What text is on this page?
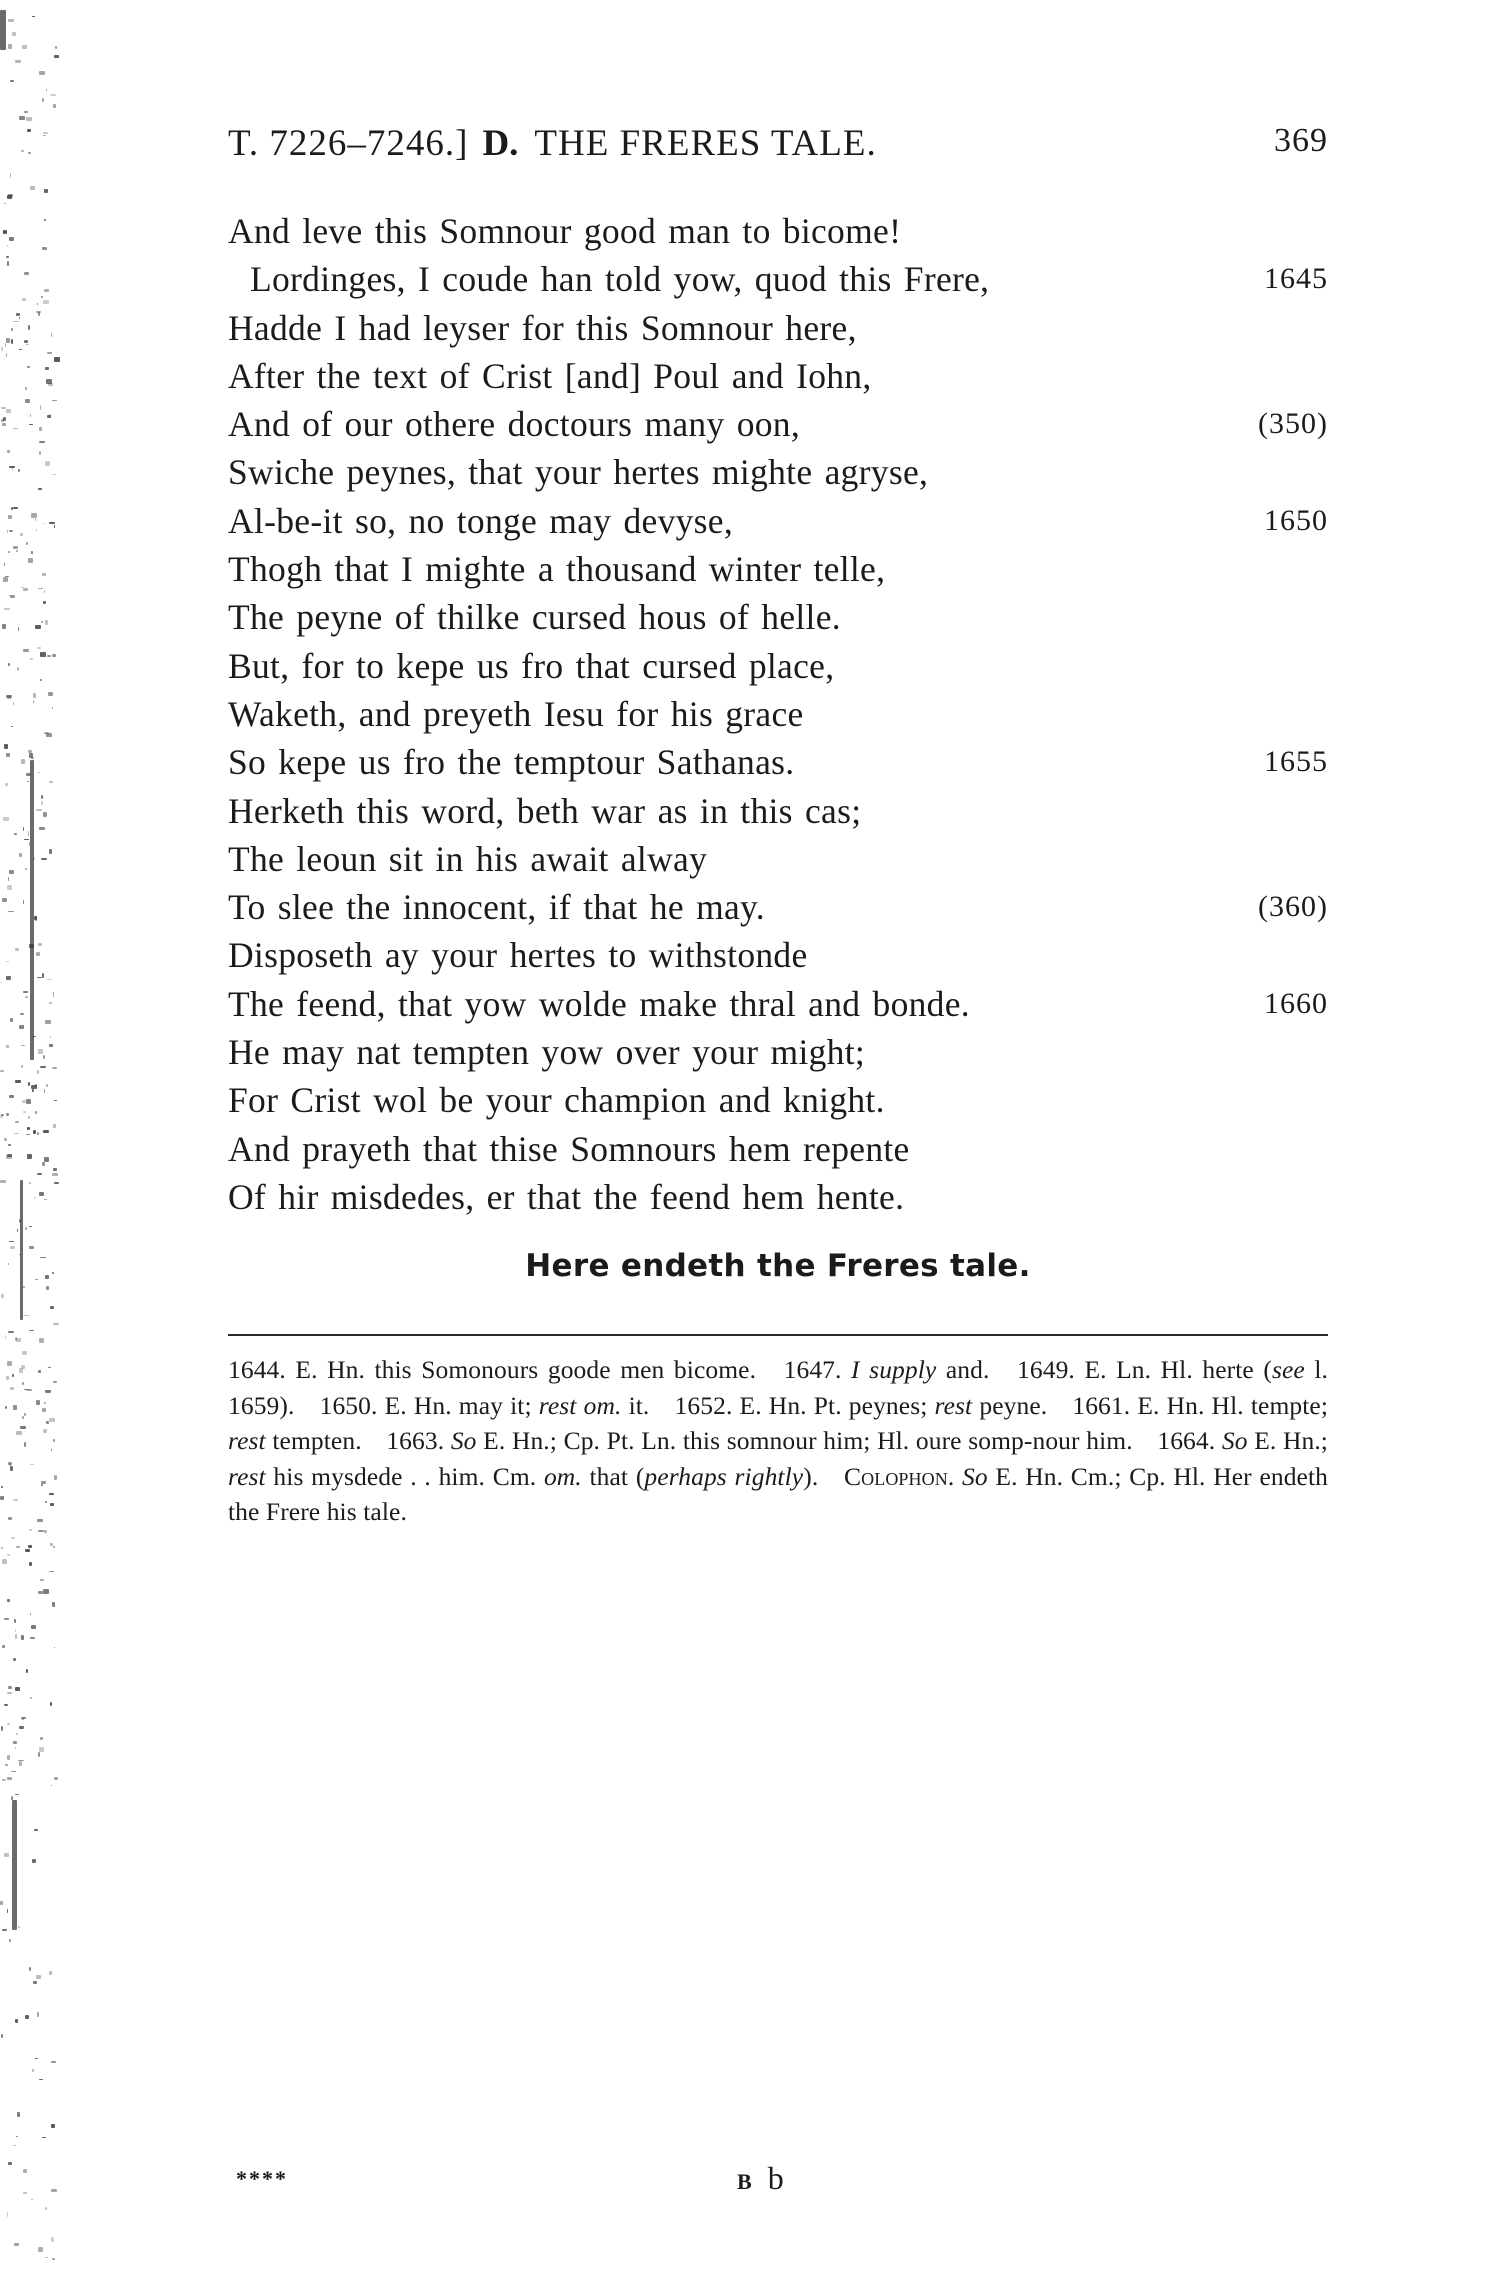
T. 7226–7246.] D. THE FRERES TALE.	369
And leve this Somnour good man to bicome!
Lordinges, I coude han told yow, quod this Frere,	1645
Hadde I had leyser for this Somnour here,
After the text of Crist [and] Poul and Iohn,
And of our othere doctours many oon,	(350)
Swiche peynes, that your hertes mighte agryse,
Al-be-it so, no tonge may devyse,	1650
Thogh that I mighte a thousand winter telle,
The peyne of thilke cursed hous of helle.
But, for to kepe us fro that cursed place,
Waketh, and preyeth Iesu for his grace
So kepe us fro the temptour Sathanas.	1655
Herketh this word, beth war as in this cas;
The leoun sit in his await alway
To slee the innocent, if that he may.	(360)
Disposeth ay your hertes to withstonde
The feend, that yow wolde make thral and bonde.	1660
He may nat tempten yow over your might;
For Crist wol be your champion and knight.
And prayeth that thise Somnours hem repente
Of hir misdedes, er that the feend hem hente.
Here endeth the Freres tale.
1644. E. Hn. this Somonours goode men bicome. 1647. I supply and. 1649. E. Ln. Hl. herte (see l. 1659). 1650. E. Hn. may it; rest om. it. 1652. E. Hn. Pt. peynes; rest peyne. 1661. E. Hn. Hl. tempte; rest tempten. 1663. So E. Hn.; Cp. Pt. Ln. this somnour him; Hl. oure somp-nour him. 1664. So E. Hn.; rest his mysdede . . him. Cm. om. that (perhaps rightly). Colophon. So E. Hn. Cm.; Cp. Hl. Her endeth the Frere his tale.
****	B b
